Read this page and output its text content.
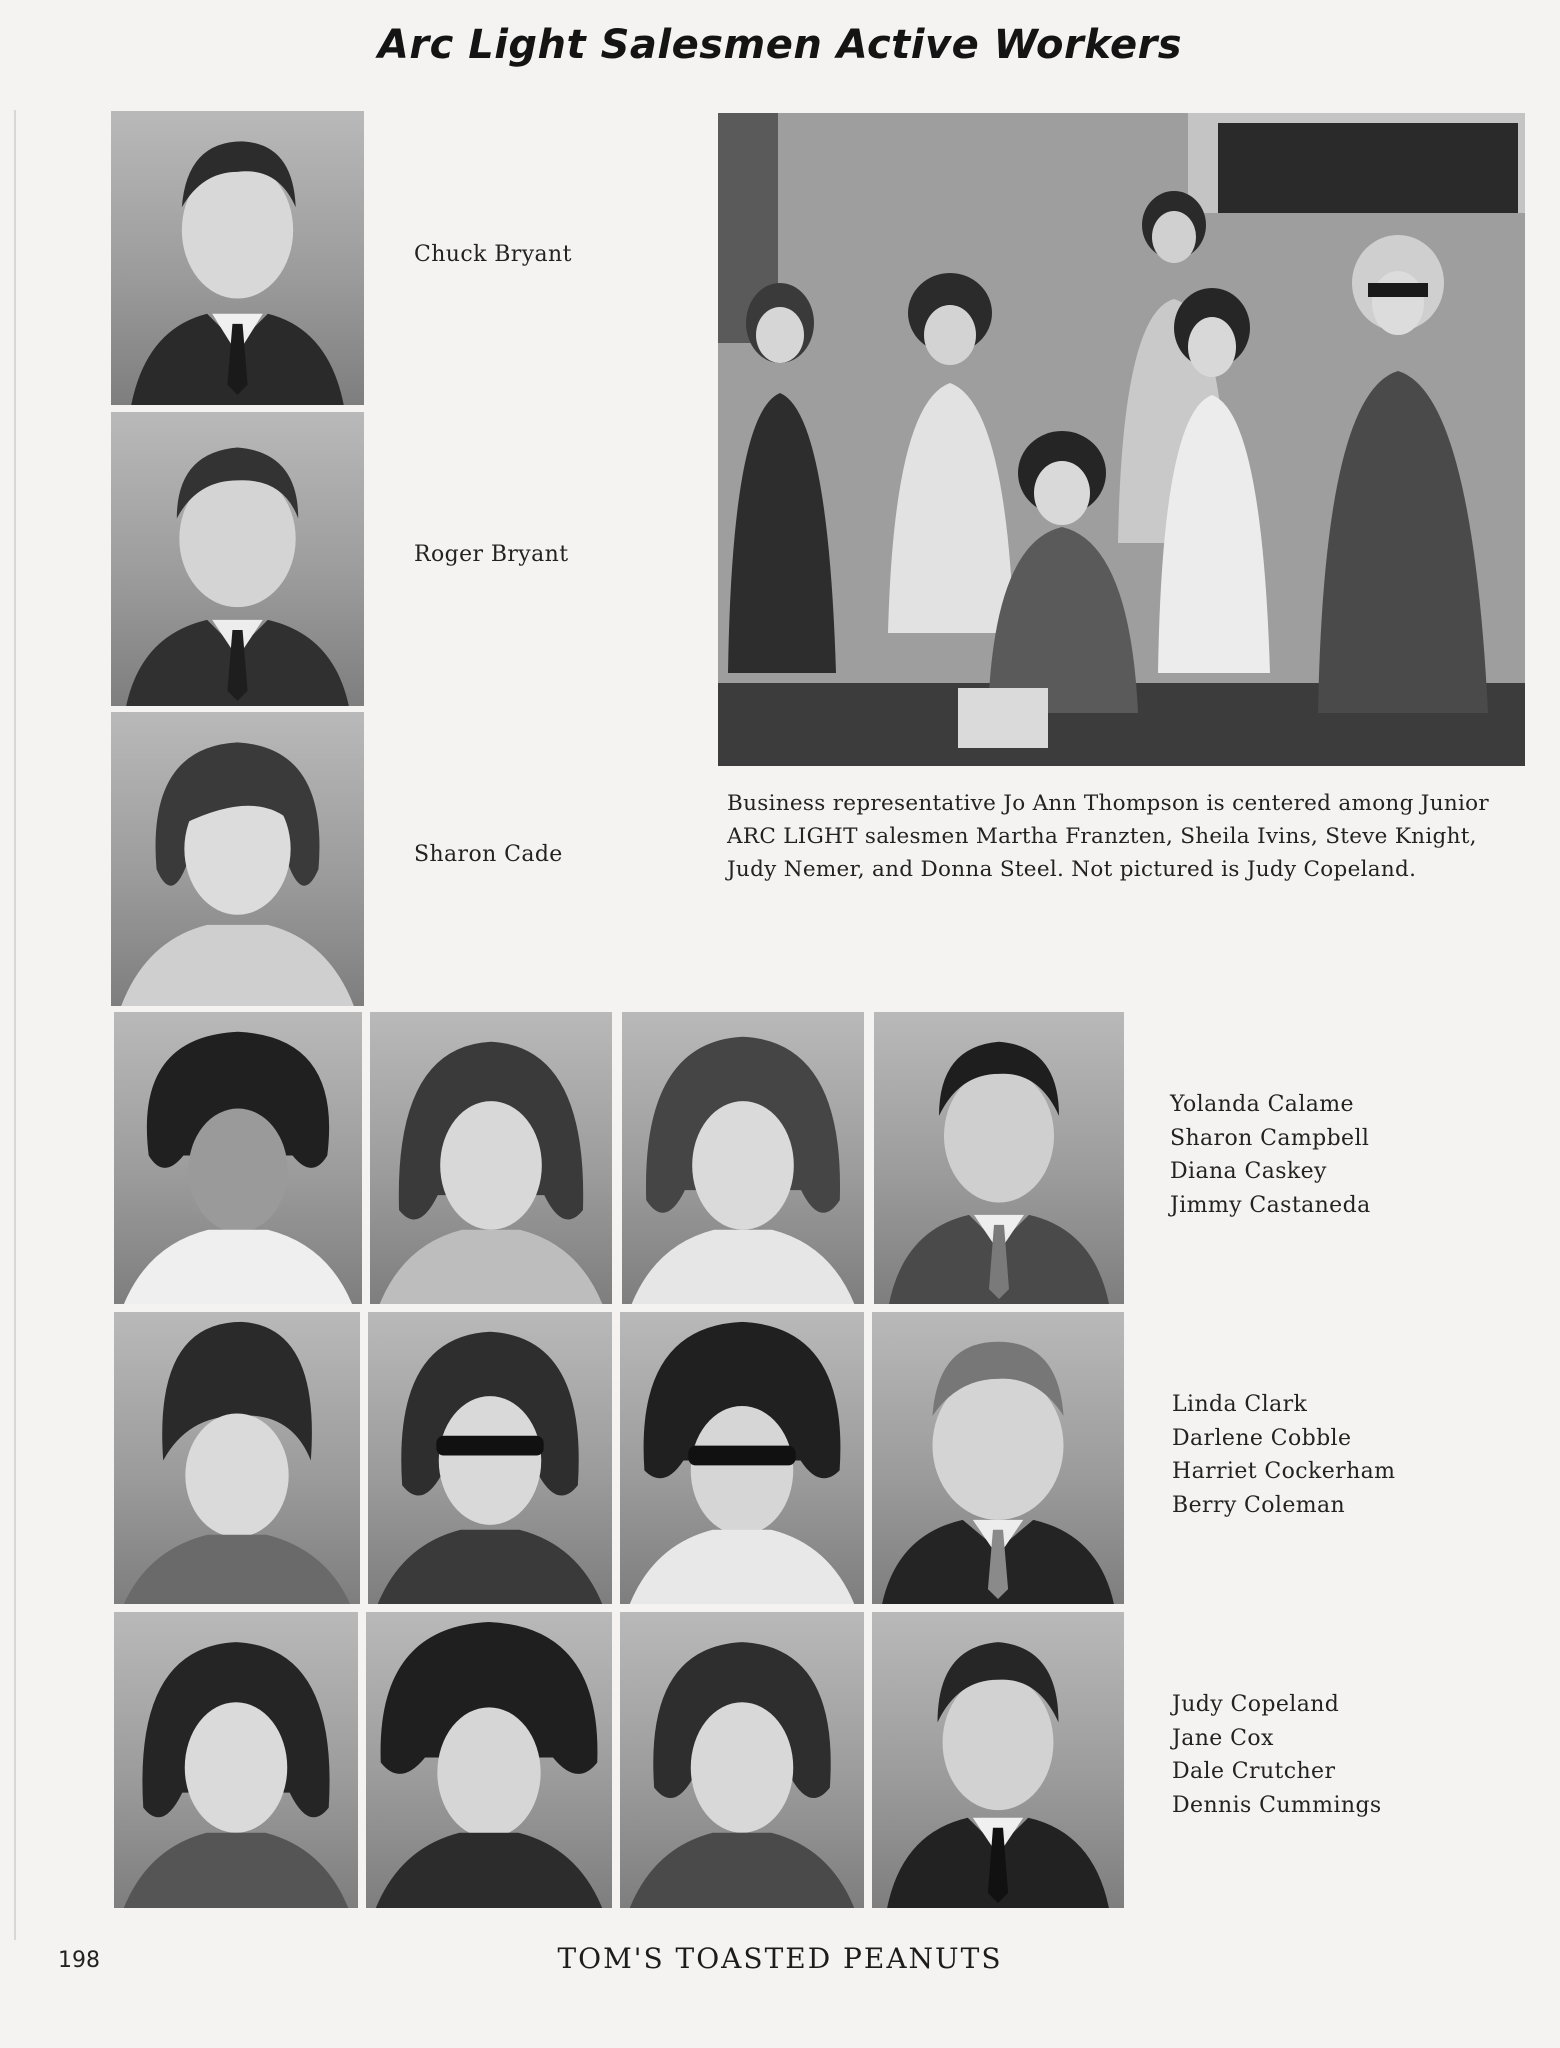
Arc Light Salesmen Active Workers
Chuck Bryant
Roger Bryant
Sharon Cade
Business representative Jo Ann Thompson is centered among Junior ARC LIGHT salesmen Martha Franzten, Sheila Ivins, Steve Knight, Judy Nemer, and Donna Steel. Not pictured is Judy Copeland.
Yolanda Calame
Sharon Campbell
Diana Caskey
Jimmy Castaneda
Linda Clark
Darlene Cobble
Harriet Cockerham
Berry Coleman
Judy Copeland
Jane Cox
Dale Crutcher
Dennis Cummings
198	TOM'S TOASTED PEANUTS
